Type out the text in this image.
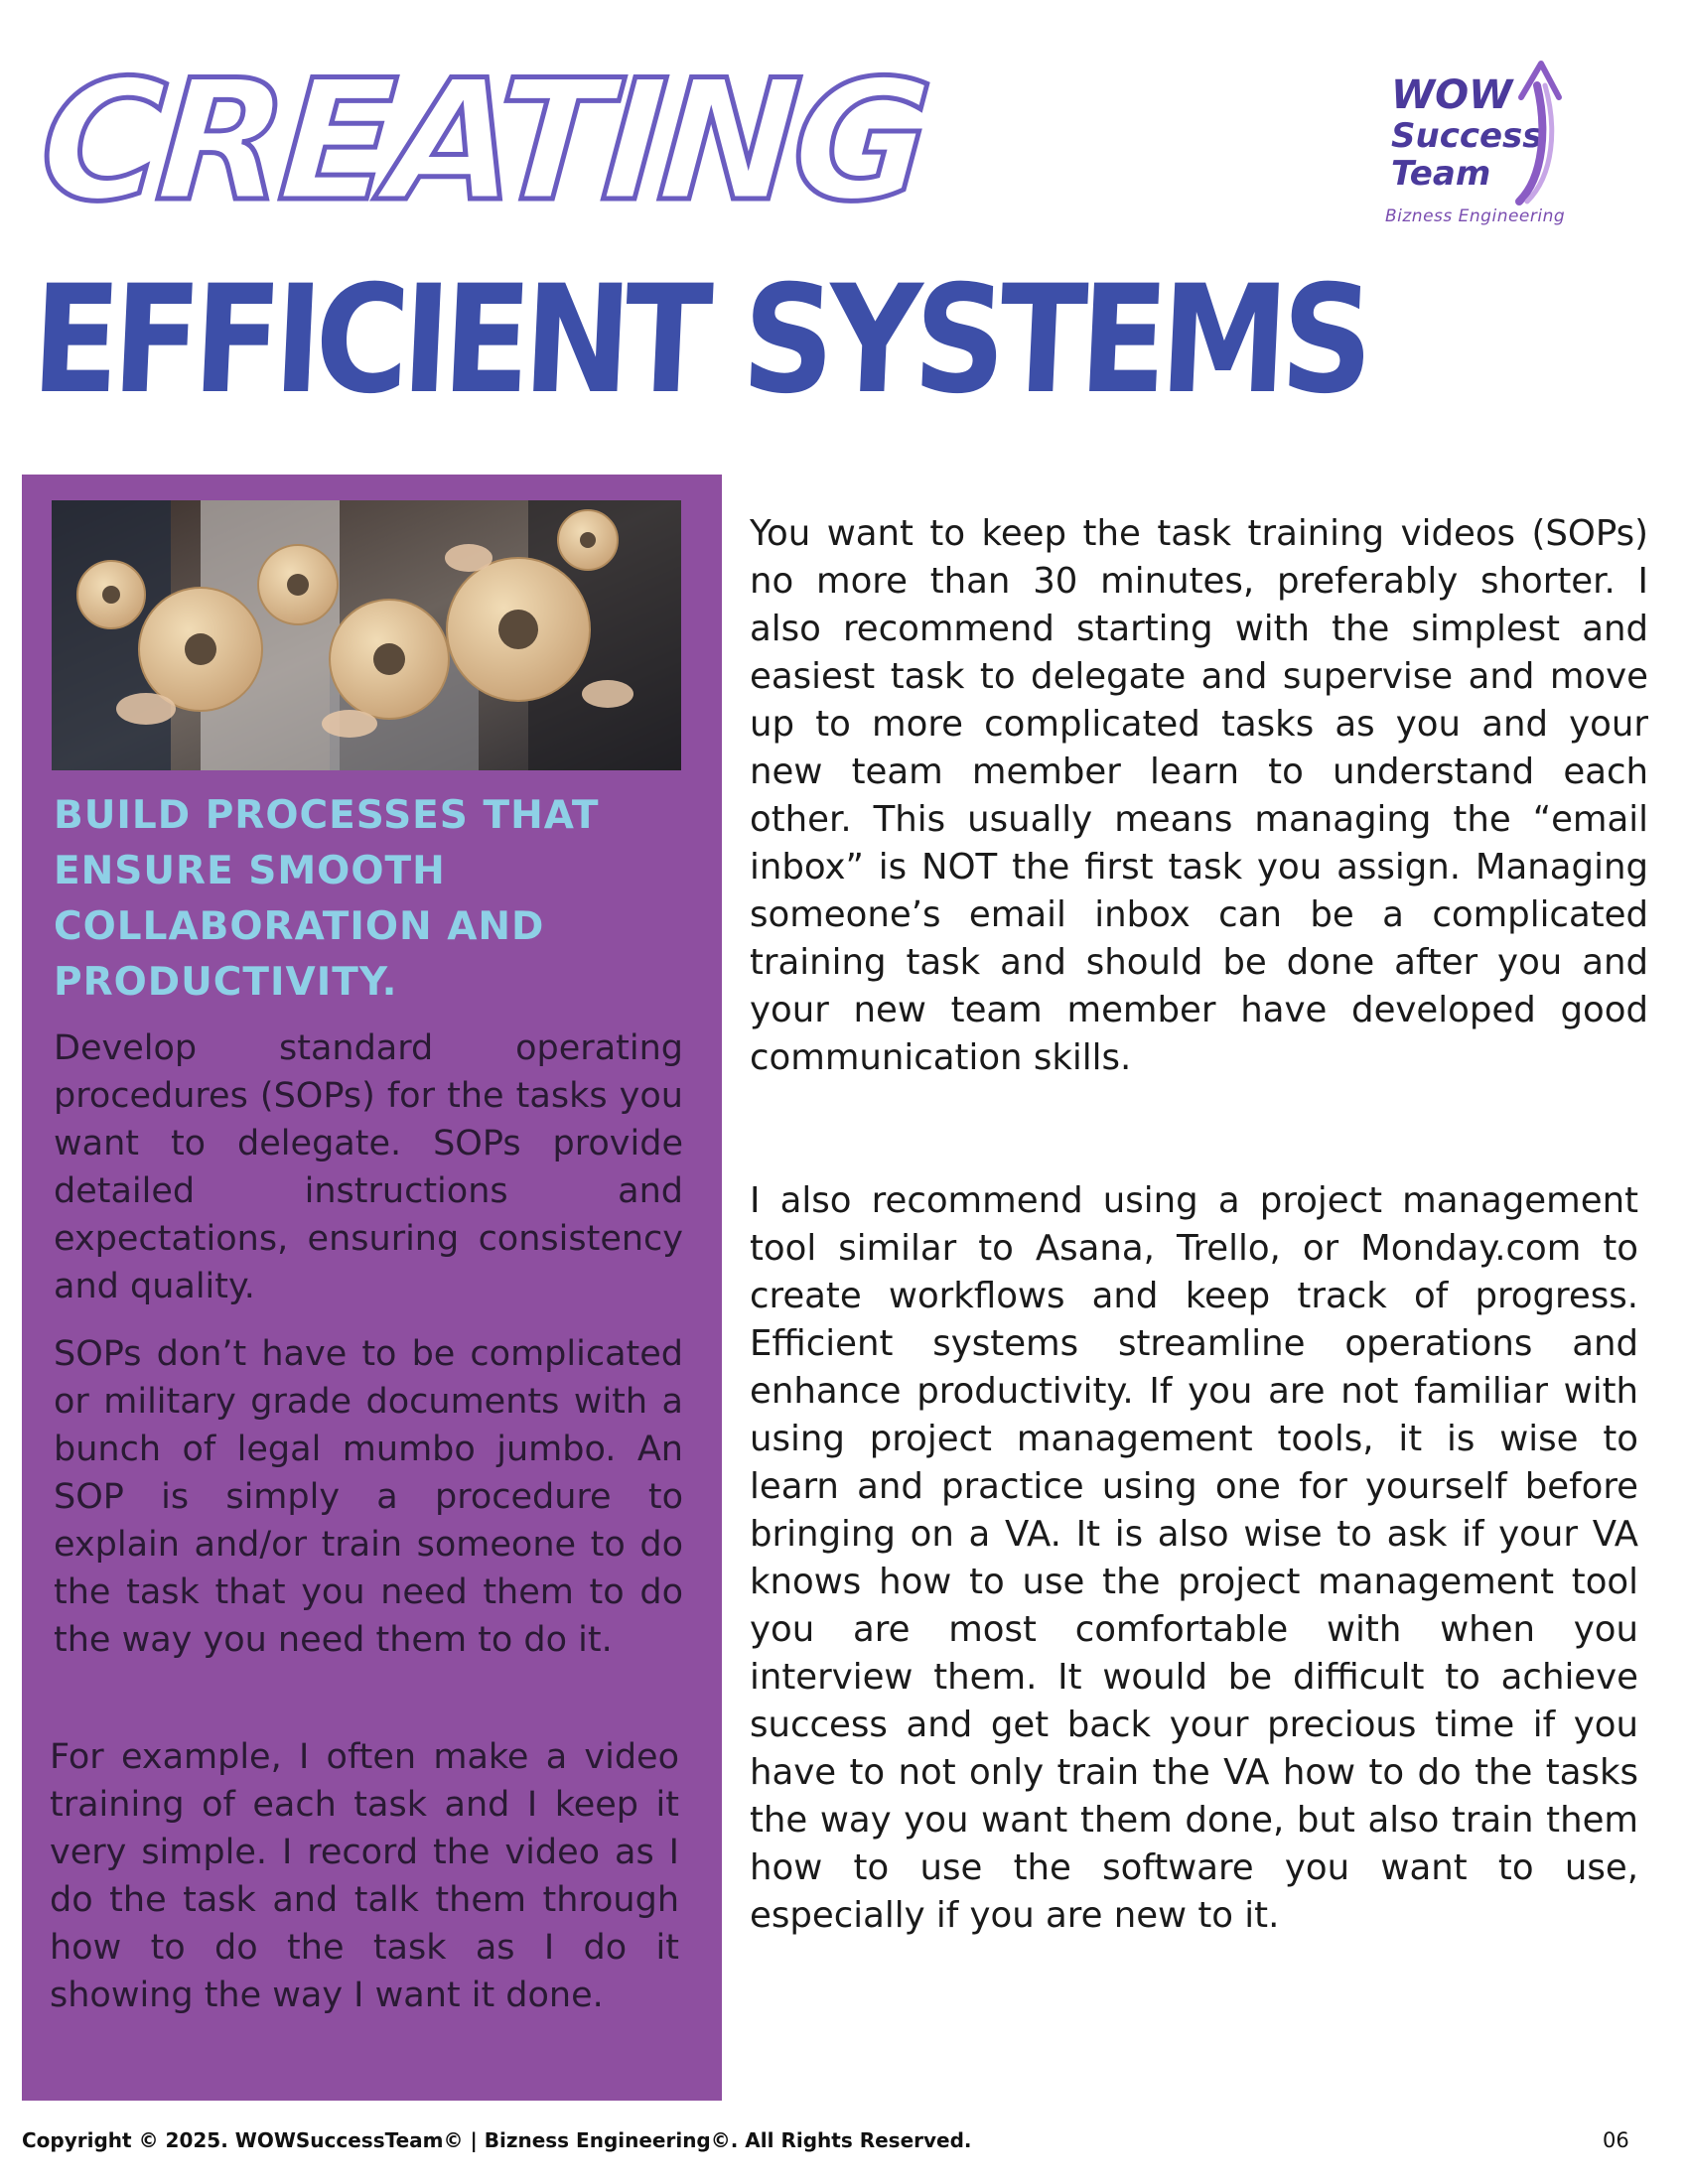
CREATING
EFFICIENT SYSTEMS
WOW
Success
Team
Bizness Engineering
BUILD PROCESSES THAT ENSURE SMOOTH COLLABORATION AND PRODUCTIVITY.
Develop standard operating procedures (SOPs) for the tasks you want to delegate. SOPs provide detailed instructions and expectations, ensuring consistency and quality.
SOPs don’t have to be complicated or military grade documents with a bunch of legal mumbo jumbo. An SOP is simply a procedure to explain and/or train someone to do the task that you need them to do the way you need them to do it.
For example, I often make a video training of each task and I keep it very simple. I record the video as I do the task and talk them through how to do the task as I do it showing the way I want it done.
You want to keep the task training videos (SOPs) no more than 30 minutes, preferably shorter. I also recommend starting with the simplest and easiest task to delegate and supervise and move up to more complicated tasks as you and your new team member learn to understand each other. This usually means managing the “email inbox” is NOT the first task you assign. Managing someone’s email inbox can be a complicated training task and should be done after you and your new team member have developed good communication skills.
I also recommend using a project management tool similar to Asana, Trello, or Monday.com to create workflows and keep track of progress. Efficient systems streamline operations and enhance productivity. If you are not familiar with using project management tools, it is wise to learn and practice using one for yourself before bringing on a VA. It is also wise to ask if your VA knows how to use the project management tool you are most comfortable with when you interview them. It would be difficult to achieve success and get back your precious time if you have to not only train the VA how to do the tasks the way you want them done, but also train them how to use the software you want to use, especially if you are new to it.
Copyright © 2025. WOWSuccessTeam© | Bizness Engineering©. All Rights Reserved.	06
